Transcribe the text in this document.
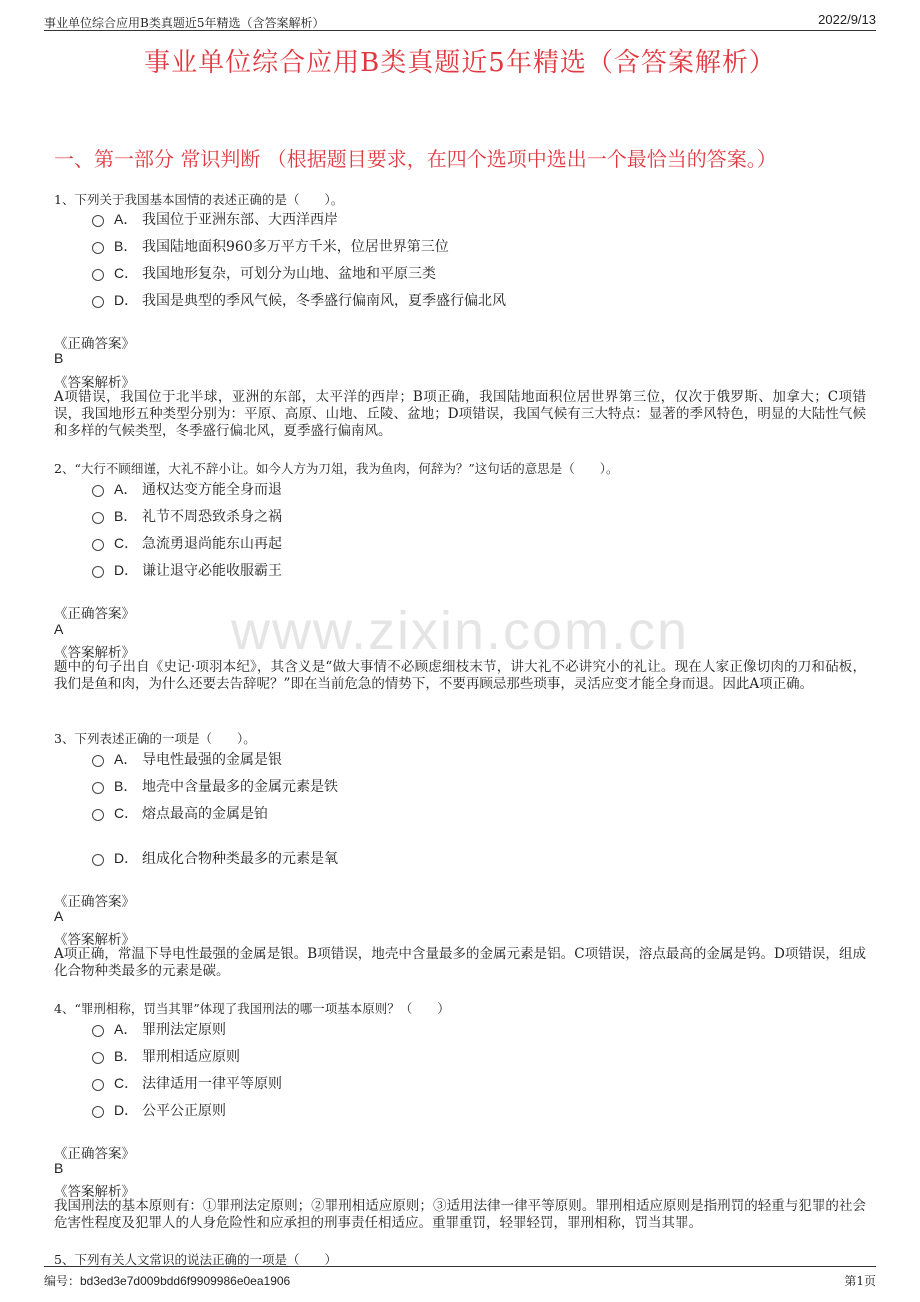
事业单位综合应用B类真题近5年精选（含答案解析）	2022/9/13
事业单位综合应用B类真题近5年精选（含答案解析）
一、第一部分 常识判断 （根据题目要求，在四个选项中选出一个最恰当的答案。）
www.zixin.com.cn
1、下列关于我国基本国情的表述正确的是（　　）。
A． 我国位于亚洲东部、大西洋西岸
B． 我国陆地面积960多万平方千米，位居世界第三位
C． 我国地形复杂，可划分为山地、盆地和平原三类
D． 我国是典型的季风气候，冬季盛行偏南风，夏季盛行偏北风
《正确答案》
B
《答案解析》
A项错误，我国位于北半球，亚洲的东部，太平洋的西岸；B项正确，我国陆地面积位居世界第三位，仅次于俄罗斯、加拿大；C项错误，我国地形五种类型分别为：平原、高原、山地、丘陵、盆地；D项错误，我国气候有三大特点：显著的季风特色，明显的大陆性气候和多样的气候类型，冬季盛行偏北风，夏季盛行偏南风。
2、“大行不顾细谨，大礼不辞小让。如今人方为刀俎，我为鱼肉，何辞为？”这句话的意思是（　　）。
A． 通权达变方能全身而退
B． 礼节不周恐致杀身之祸
C． 急流勇退尚能东山再起
D． 谦让退守必能收服霸王
《正确答案》
A
《答案解析》
题中的句子出自《史记·项羽本纪》，其含义是“做大事情不必顾虑细枝末节，讲大礼不必讲究小的礼让。现在人家正像切肉的刀和砧板，我们是鱼和肉，为什么还要去告辞呢？”即在当前危急的情势下，不要再顾忌那些琐事，灵活应变才能全身而退。因此A项正确。
3、下列表述正确的一项是（　　）。
A． 导电性最强的金属是银
B． 地壳中含量最多的金属元素是铁
C． 熔点最高的金属是铂
D． 组成化合物种类最多的元素是氧
《正确答案》
A
《答案解析》
A项正确，常温下导电性最强的金属是银。B项错误，地壳中含量最多的金属元素是铝。C项错误，溶点最高的金属是钨。D项错误，组成化合物种类最多的元素是碳。
4、“罪刑相称，罚当其罪”体现了我国刑法的哪一项基本原则？（　　）
A． 罪刑法定原则
B． 罪刑相适应原则
C． 法律适用一律平等原则
D． 公平公正原则
《正确答案》
B
《答案解析》
我国刑法的基本原则有：①罪刑法定原则；②罪刑相适应原则；③适用法律一律平等原则。罪刑相适应原则是指刑罚的轻重与犯罪的社会危害性程度及犯罪人的人身危险性和应承担的刑事责任相适应。重罪重罚，轻罪轻罚，罪刑相称，罚当其罪。
5、下列有关人文常识的说法正确的一项是（　　）
编号：bd3ed3e7d009bdd6f9909986e0ea1906	第1页
